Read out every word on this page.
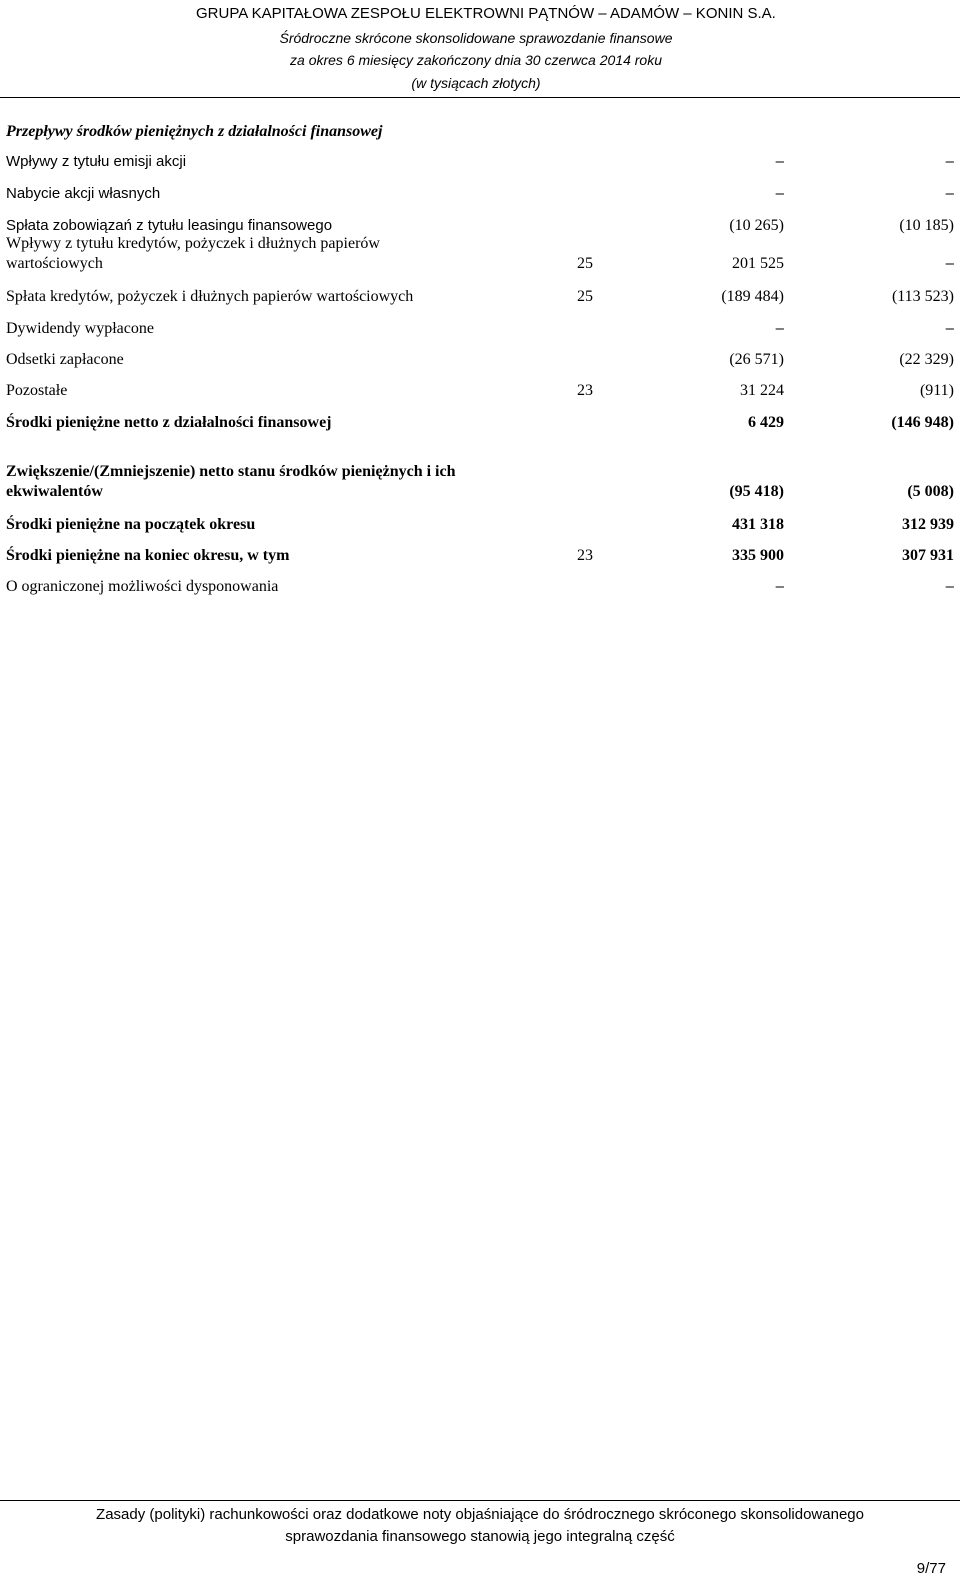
GRUPA KAPITAŁOWA ZESPOŁU ELEKTROWNI PĄTNÓW – ADAMÓW – KONIN S.A.
Śródroczne skrócone skonsolidowane sprawozdanie finansowe
za okres 6 miesięcy zakończony dnia 30 czerwca 2014 roku
(w tysiącach złotych)
Przepływy środków pieniężnych z działalności finansowej
Wpływy z tytułu emisji akcji	–	–
Nabycie akcji własnych	–	–
Spłata zobowiązań z tytułu leasingu finansowego	(10 265)	(10 185)
Wpływy z tytułu kredytów, pożyczek i dłużnych papierów
wartościowych	25	201 525	–
Spłata kredytów, pożyczek i dłużnych papierów wartościowych	25	(189 484)	(113 523)
Dywidendy wypłacone	–	–
Odsetki zapłacone	(26 571)	(22 329)
Pozostałe	23	31 224	(911)
Środki pieniężne netto z działalności finansowej	6 429	(146 948)
Zwiększenie/(Zmniejszenie) netto stanu środków pieniężnych i ich
ekwiwalentów	(95 418)	(5 008)
Środki pieniężne na początek okresu	431 318	312 939
Środki pieniężne na koniec okresu, w tym	23	335 900	307 931
O ograniczonej możliwości dysponowania	–	–
Zasady (polityki) rachunkowości oraz dodatkowe noty objaśniające do śródrocznego skróconego skonsolidowanego
sprawozdania finansowego stanowią jego integralną część
9/77
